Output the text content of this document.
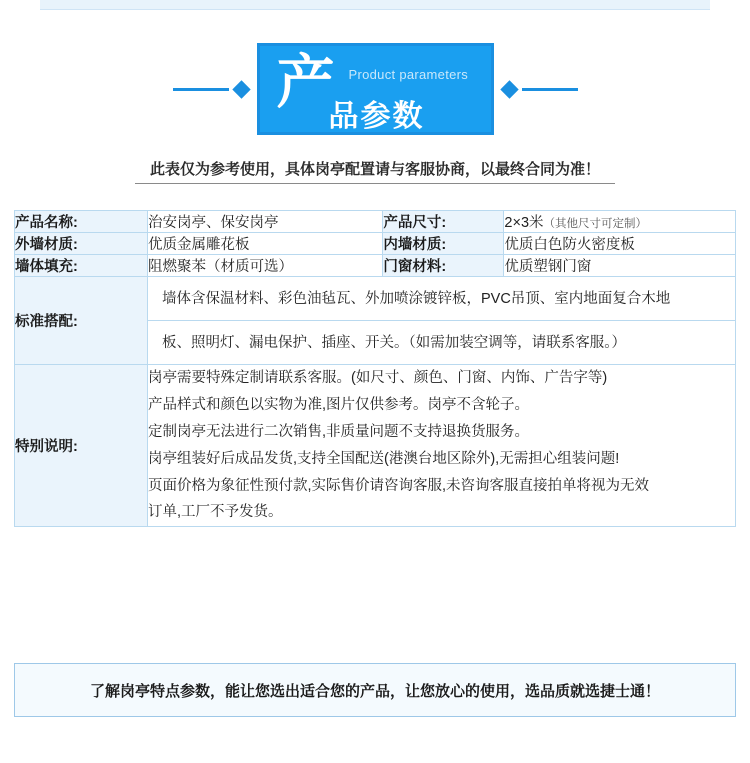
产 Product parameters
品参数
此表仅为参考使用，具体岗亭配置请与客服协商，以最终合同为准！
产品名称:	治安岗亭、保安岗亭	产品尺寸:	2×3米（其他尺寸可定制）
外墙材质:	优质金属雕花板	内墙材质:	优质白色防火密度板
墙体填充:	阻燃聚苯（材质可选）	门窗材料:	优质塑钢门窗
标准搭配:	墙体含保温材料、彩色油毡瓦、外加喷涂镀锌板，PVC吊顶、室内地面复合木地
板、照明灯、漏电保护、插座、开关。（如需加装空调等，请联系客服。）		

特别说明:	
岗亭需要特殊定制请联系客服。(如尺寸、颜色、门窗、内饰、广告字等)
产品样式和颜色以实物为准,图片仅供参考。岗亭不含轮子。
定制岗亭无法进行二次销售,非质量问题不支持退换货服务。
岗亭组装好后成品发货,支持全国配送(港澳台地区除外),无需担心组装问题!
页面价格为象征性预付款,实际售价请咨询客服,未咨询客服直接拍单将视为无效
订单,工厂不予发货。
了解岗亭特点参数，能让您选出适合您的产品，让您放心的使用，选品质就选捷士通！
